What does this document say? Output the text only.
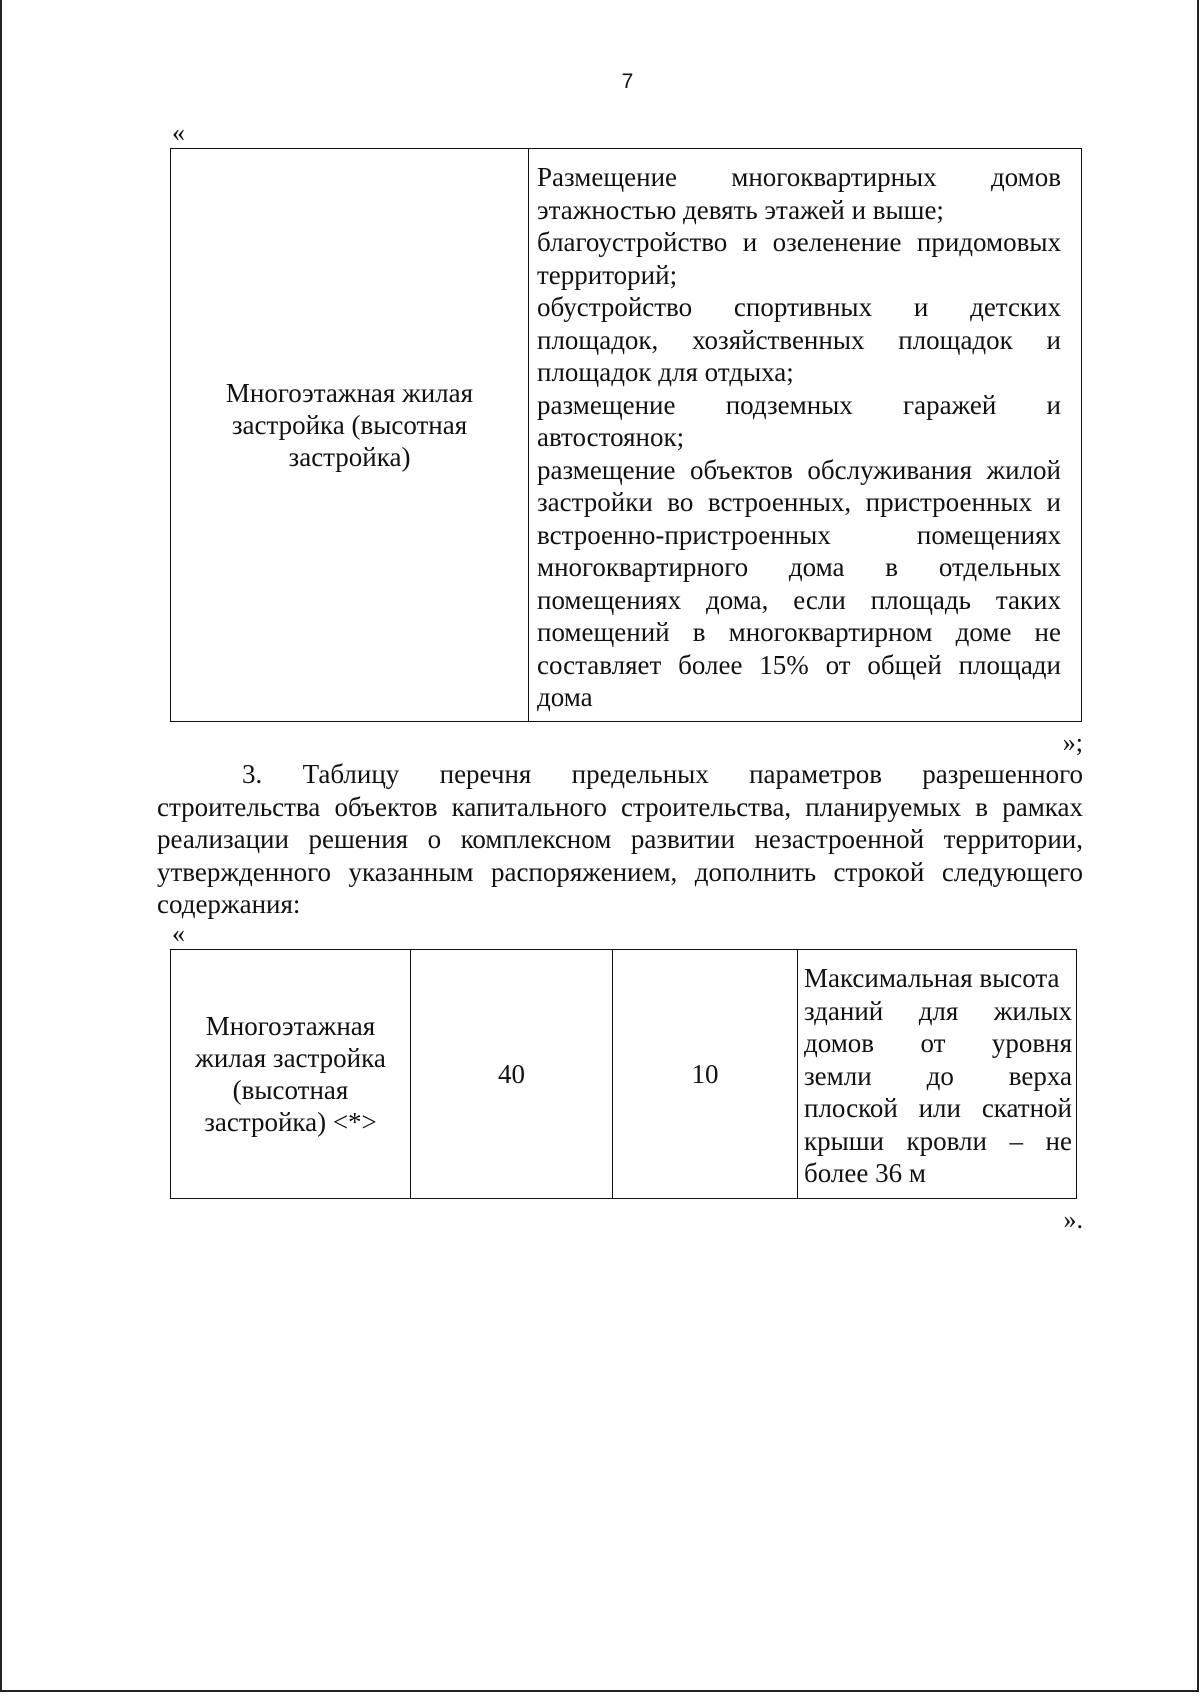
7
«
Многоэтажная жилая застройка (высотная застройка)
Размещение многоквартирных домов
этажностью девять этажей и выше;
благоустройство и озеленение придомовых
территорий;
обустройство спортивных и детских
площадок, хозяйственных площадок и
площадок для отдыха;
размещение подземных гаражей и
автостоянок;
размещение объектов обслуживания жилой
застройки во встроенных, пристроенных и
встроенно-пристроенных помещениях
многоквартирного дома в отдельных
помещениях дома, если площадь таких
помещений в многоквартирном доме не
составляет более 15% от общей площади
дома
»;
3. Таблицу перечня предельных параметров разрешенного
строительства объектов капитального строительства, планируемых в рамках
реализации решения о комплексном развитии незастроенной территории,
утвержденного указанным распоряжением, дополнить строкой следующего
содержания:
«
Многоэтажная жилая застройка (высотная застройка) <*>
40	10
Максимальная высота
зданий для жилых
домов от уровня
земли до верха
плоской или скатной
крыши кровли – не
более 36 м
».
